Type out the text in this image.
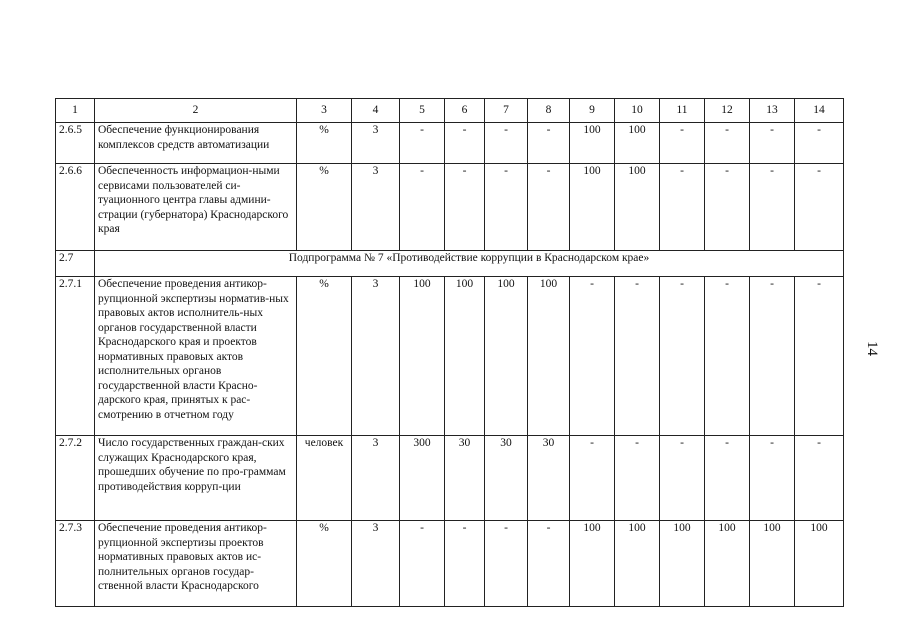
1	2	3	4	5	6	7	8	9	10	11	12	13	14
2.6.5	Обеспечение функционирования комплексов средств автоматизации	%	3	-	-	-	-	100	100	-	-	-	-
2.6.6	Обеспеченность информацион-ными сервисами пользователей си-туационного центра главы админи-страции (губернатора) Краснодарского края	%	3	-	-	-	-	100	100	-	-	-	-
2.7	Подпрограмма № 7 «Противодействие коррупции в Краснодарском крае»												
2.7.1	Обеспечение проведения антикор-рупционной экспертизы норматив-ных правовых актов исполнитель-ных органов государственной власти Краснодарского края и проектов нормативных правовых актов исполнительных органов государственной власти Красно-дарского края, принятых к рас-смотрению в отчетном году	%	3	100	100	100	100	-	-	-	-	-	-
2.7.2	Число государственных граждан-ских служащих Краснодарского края, прошедших обучение по про-граммам противодействия корруп-ции	человек	3	300	30	30	30	-	-	-	-	-	-
2.7.3	Обеспечение проведения антикор-рупционной экспертизы проектов нормативных правовых актов ис-полнительных органов государ-ственной власти Краснодарского	%	3	-	-	-	-	100	100	100	100	100	100
14
